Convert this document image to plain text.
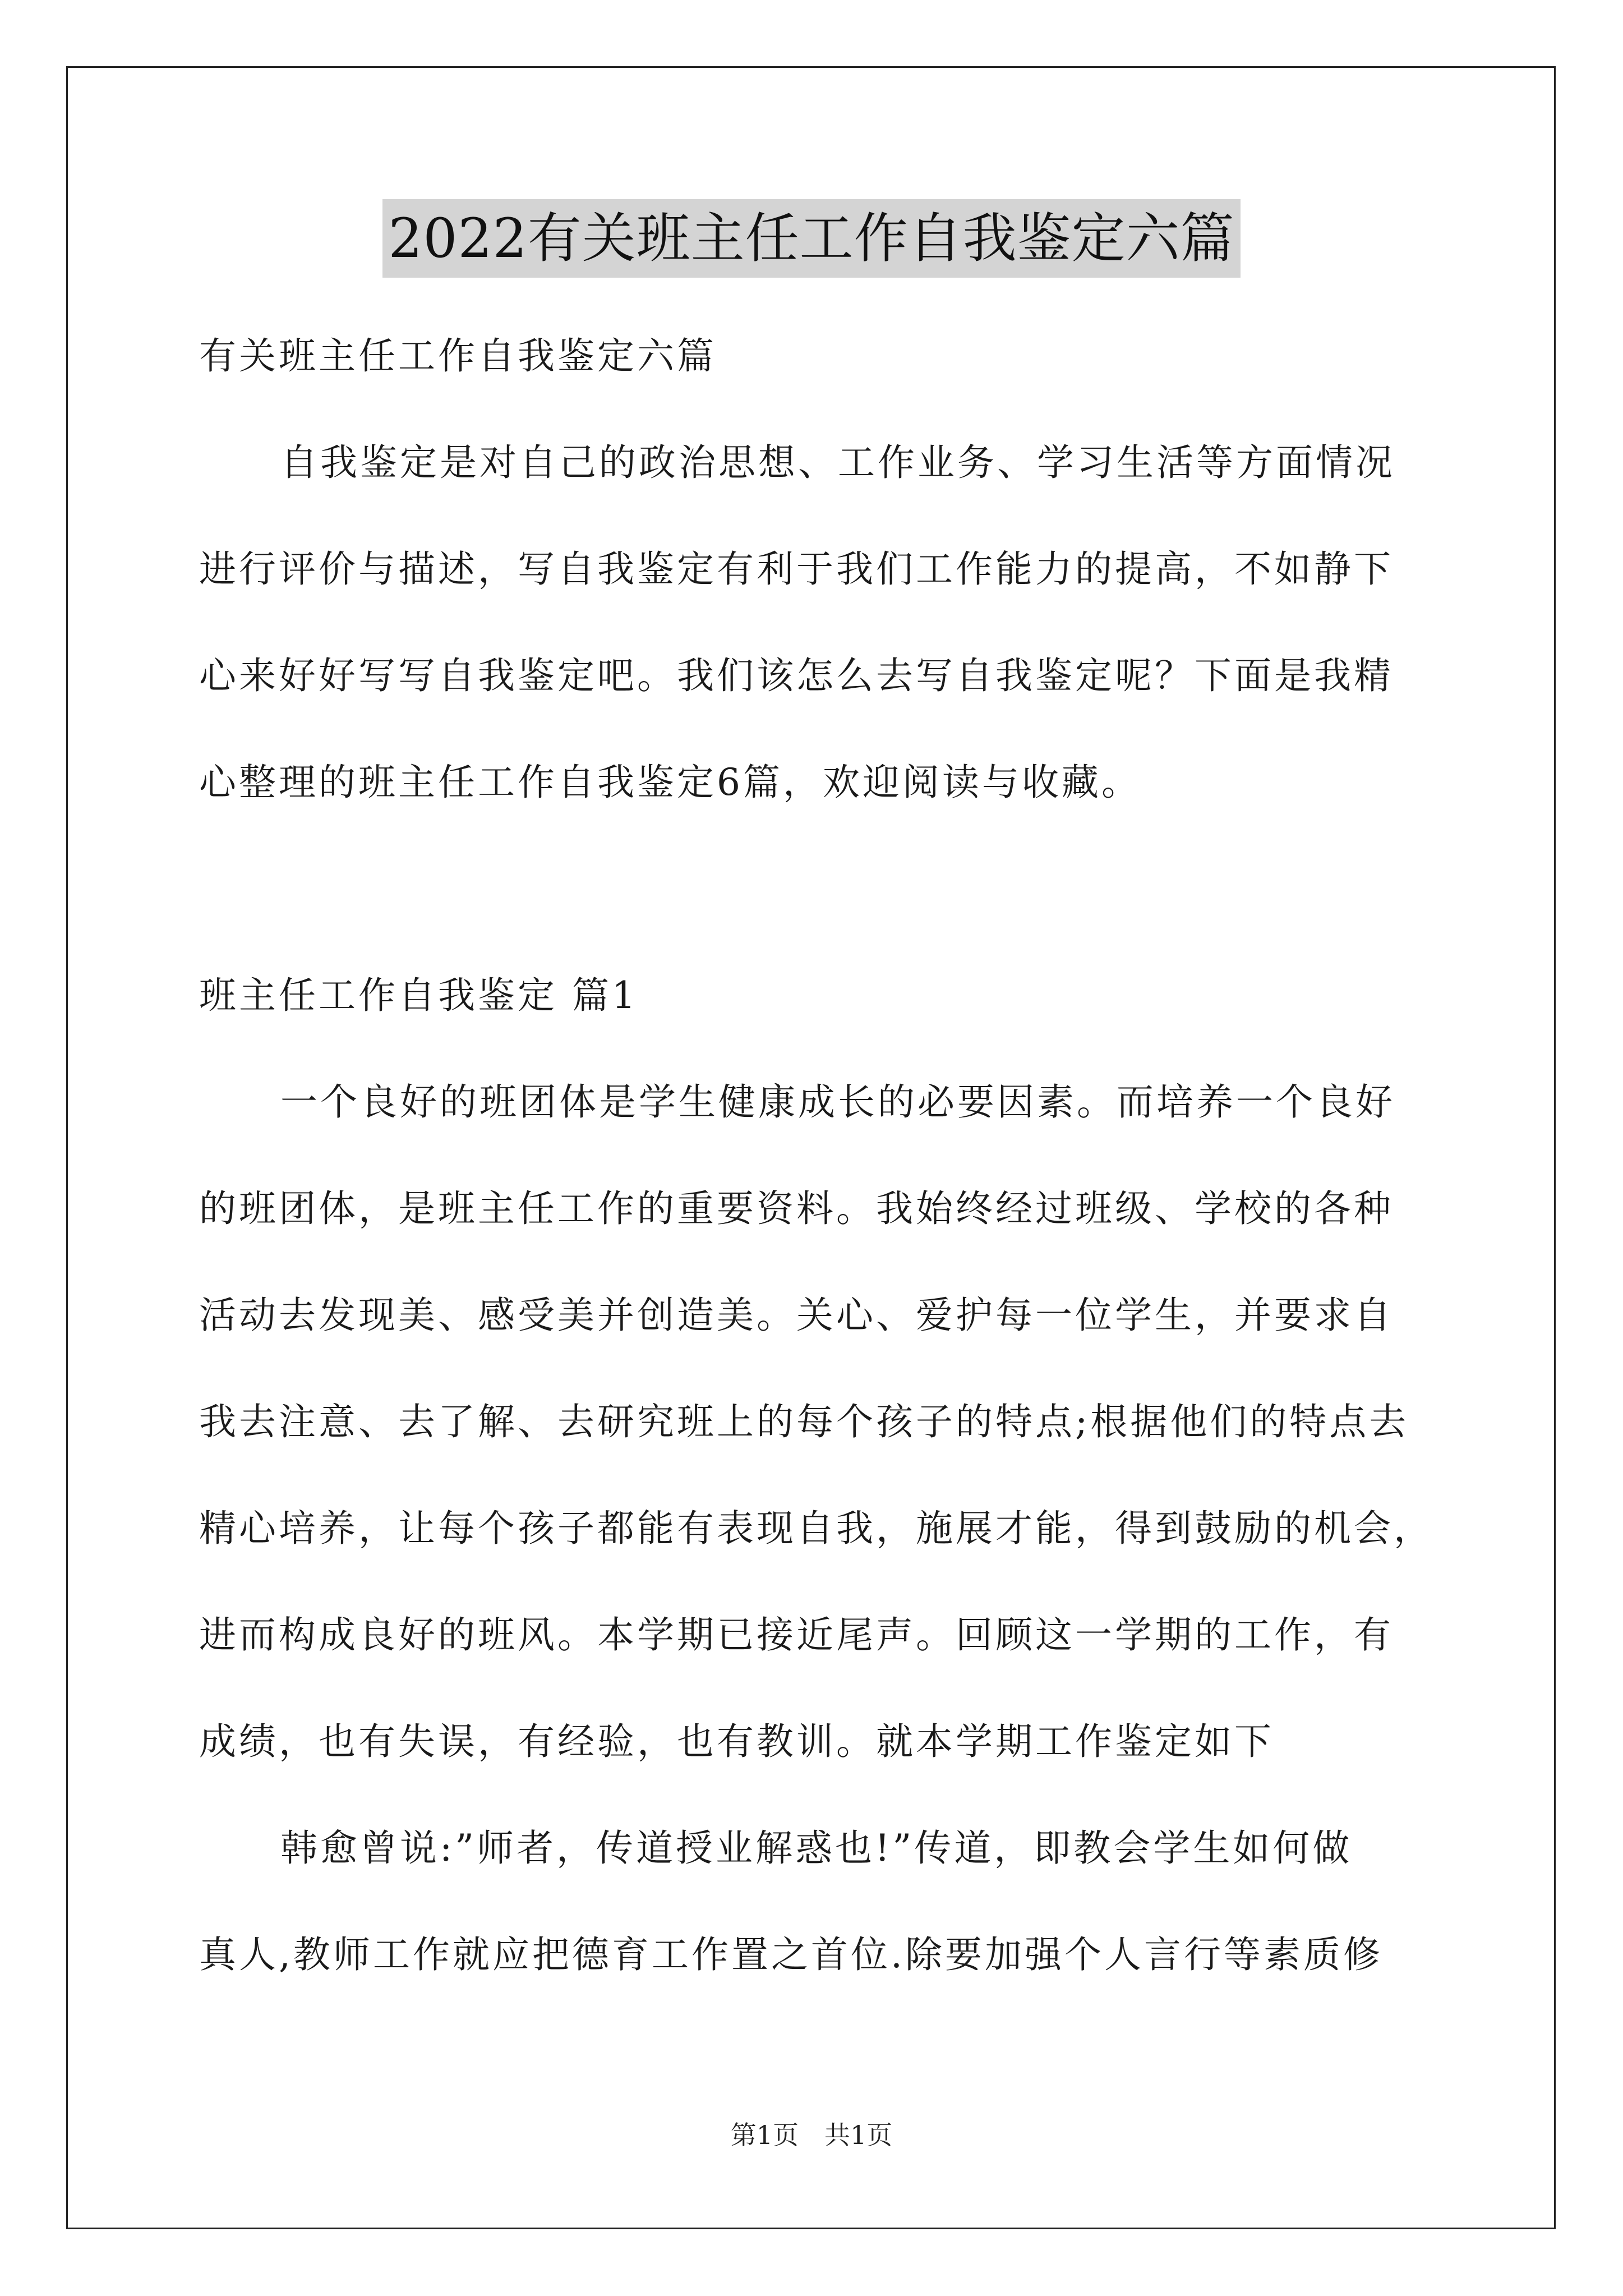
2022有关班主任工作自我鉴定六篇
有关班主任工作自我鉴定六篇
自我鉴定是对自己的政治思想、工作业务、学习生活等方面情况
进行评价与描述，写自我鉴定有利于我们工作能力的提高，不如静下
心来好好写写自我鉴定吧。我们该怎么去写自我鉴定呢？下面是我精
心整理的班主任工作自我鉴定6篇，欢迎阅读与收藏。
班主任工作自我鉴定 篇1
一个良好的班团体是学生健康成长的必要因素。而培养一个良好
的班团体，是班主任工作的重要资料。我始终经过班级、学校的各种
活动去发现美、感受美并创造美。关心、爱护每一位学生，并要求自
我去注意、去了解、去研究班上的每个孩子的特点;根据他们的特点去
精心培养，让每个孩子都能有表现自我，施展才能，得到鼓励的机会，
进而构成良好的班风。本学期已接近尾声。回顾这一学期的工作，有
成绩，也有失误，有经验，也有教训。就本学期工作鉴定如下
韩愈曾说:”师者，传道授业解惑也!”传道，即教会学生如何做
真人,教师工作就应把德育工作置之首位.除要加强个人言行等素质修
第1页　共1页
